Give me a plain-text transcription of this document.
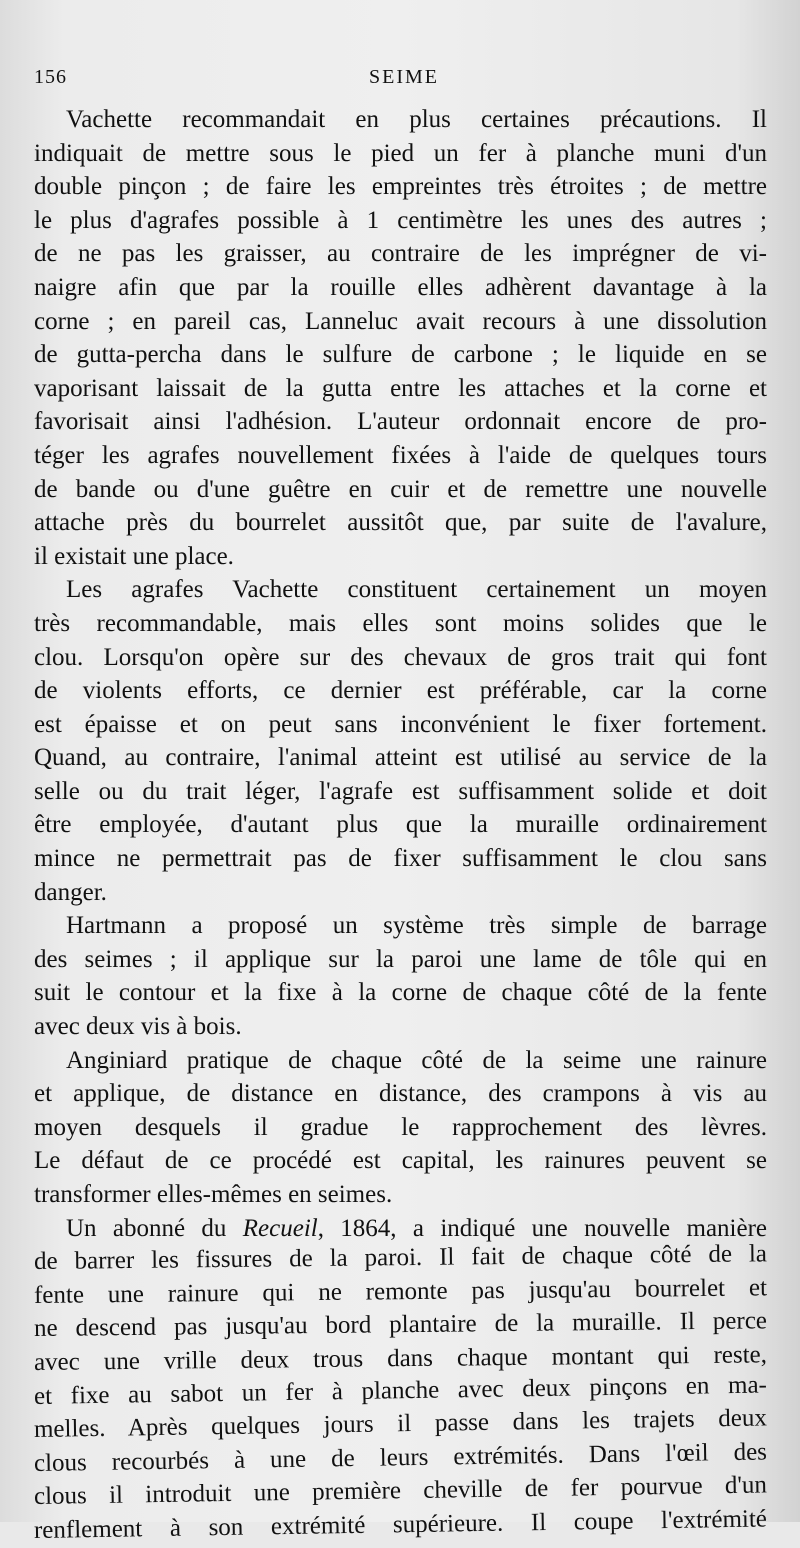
156	SEIME
Vachette recommandait en plus certaines précautions. Il
indiquait de mettre sous le pied un fer à planche muni d'un
double pinçon ; de faire les empreintes très étroites ; de mettre
le plus d'agrafes possible à 1 centimètre les unes des autres ;
de ne pas les graisser, au contraire de les imprégner de vi-
naigre afin que par la rouille elles adhèrent davantage à la
corne ; en pareil cas, Lanneluc avait recours à une dissolution
de gutta-percha dans le sulfure de carbone ; le liquide en se
vaporisant laissait de la gutta entre les attaches et la corne et
favorisait ainsi l'adhésion. L'auteur ordonnait encore de pro-
téger les agrafes nouvellement fixées à l'aide de quelques tours
de bande ou d'une guêtre en cuir et de remettre une nouvelle
attache près du bourrelet aussitôt que, par suite de l'avalure,
il existait une place.
Les agrafes Vachette constituent certainement un moyen
très recommandable, mais elles sont moins solides que le
clou. Lorsqu'on opère sur des chevaux de gros trait qui font
de violents efforts, ce dernier est préférable, car la corne
est épaisse et on peut sans inconvénient le fixer fortement.
Quand, au contraire, l'animal atteint est utilisé au service de la
selle ou du trait léger, l'agrafe est suffisamment solide et doit
être employée, d'autant plus que la muraille ordinairement
mince ne permettrait pas de fixer suffisamment le clou sans
danger.
Hartmann a proposé un système très simple de barrage
des seimes ; il applique sur la paroi une lame de tôle qui en
suit le contour et la fixe à la corne de chaque côté de la fente
avec deux vis à bois.
Anginiard pratique de chaque côté de la seime une rainure
et applique, de distance en distance, des crampons à vis au
moyen desquels il gradue le rapprochement des lèvres.
Le défaut de ce procédé est capital, les rainures peuvent se
transformer elles-mêmes en seimes.
Un abonné du Recueil, 1864, a indiqué une nouvelle manière
de barrer les fissures de la paroi. Il fait de chaque côté de la
fente une rainure qui ne remonte pas jusqu'au bourrelet et
ne descend pas jusqu'au bord plantaire de la muraille. Il perce
avec une vrille deux trous dans chaque montant qui reste,
et fixe au sabot un fer à planche avec deux pinçons en ma-
melles. Après quelques jours il passe dans les trajets deux
clous recourbés à une de leurs extrémités. Dans l'œil des
clous il introduit une première cheville de fer pourvue d'un
renflement à son extrémité supérieure. Il coupe l'extrémité
